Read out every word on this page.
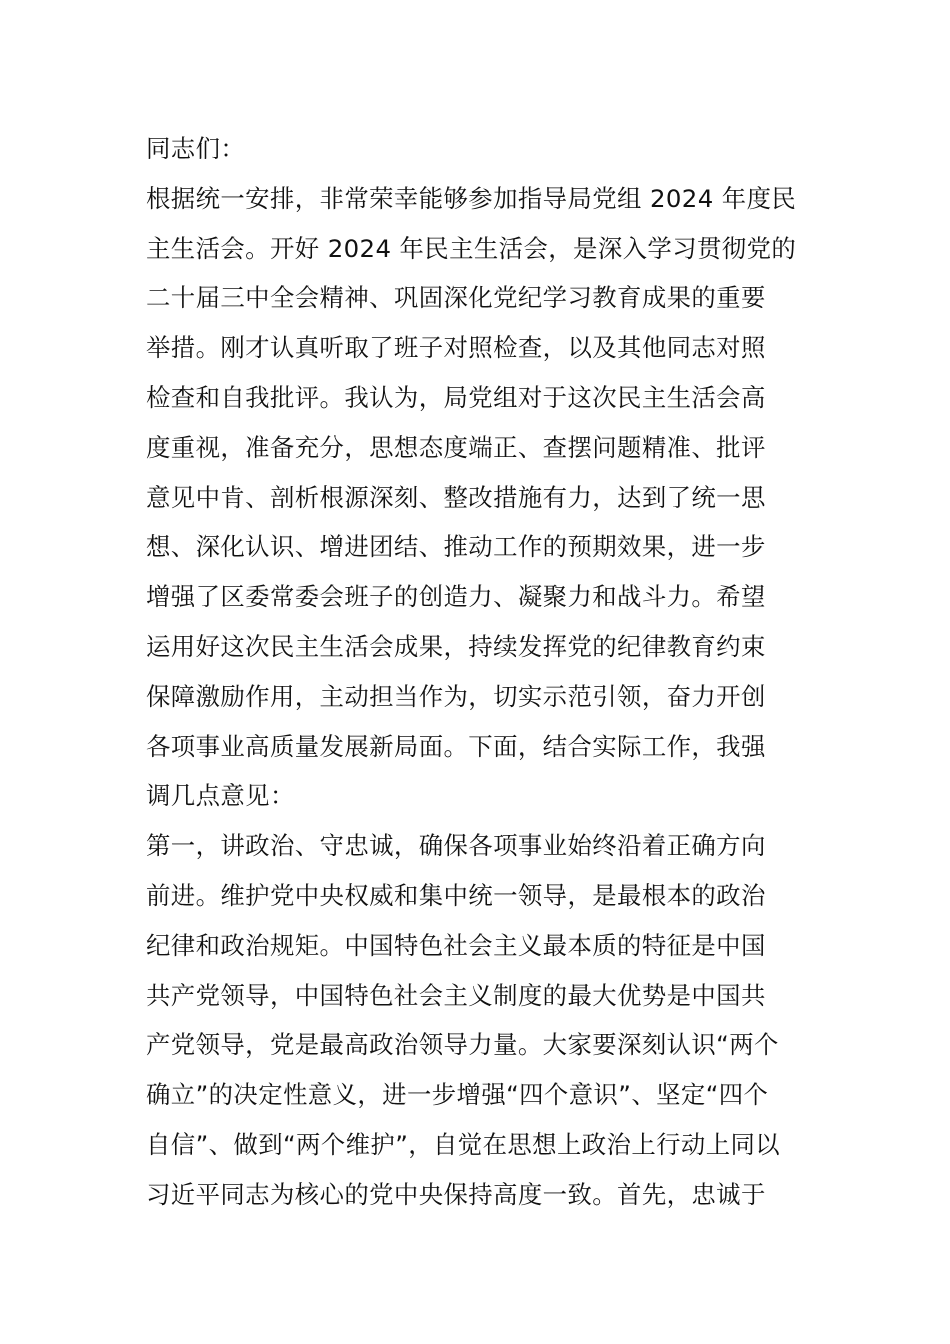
同志们：
根据统一安排，非常荣幸能够参加指导局党组 2024 年度民
主生活会。开好 2024 年民主生活会，是深入学习贯彻党的
二十届三中全会精神、巩固深化党纪学习教育成果的重要
举措。刚才认真听取了班子对照检查，以及其他同志对照
检查和自我批评。我认为，局党组对于这次民主生活会高
度重视，准备充分，思想态度端正、查摆问题精准、批评
意见中肯、剖析根源深刻、整改措施有力，达到了统一思
想、深化认识、增进团结、推动工作的预期效果，进一步
增强了区委常委会班子的创造力、凝聚力和战斗力。希望
运用好这次民主生活会成果，持续发挥党的纪律教育约束
保障激励作用，主动担当作为，切实示范引领，奋力开创
各项事业高质量发展新局面。下面，结合实际工作，我强
调几点意见：
第一，讲政治、守忠诚，确保各项事业始终沿着正确方向
前进。维护党中央权威和集中统一领导，是最根本的政治
纪律和政治规矩。中国特色社会主义最本质的特征是中国
共产党领导，中国特色社会主义制度的最大优势是中国共
产党领导，党是最高政治领导力量。大家要深刻认识“两个
确立”的决定性意义，进一步增强“四个意识”、坚定“四个
自信”、做到“两个维护”，自觉在思想上政治上行动上同以
习近平同志为核心的党中央保持高度一致。首先，忠诚于
